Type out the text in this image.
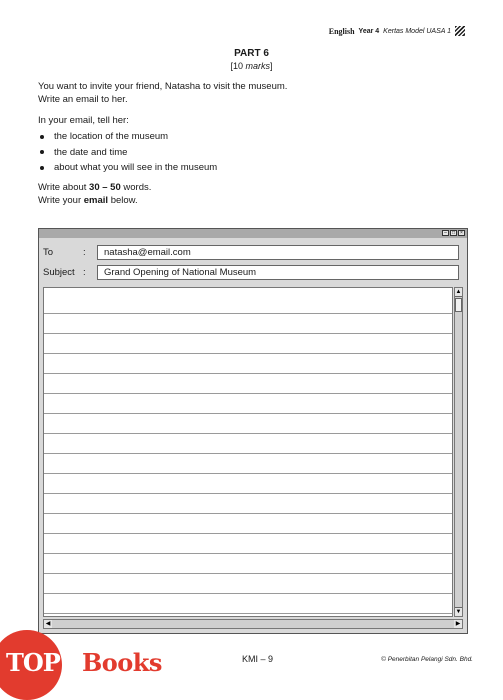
English Year 4 Kertas Model UASA 1
PART 6
[10 marks]
You want to invite your friend, Natasha to visit the museum.
Write an email to her.
In your email, tell her:
the location of the museum
the date and time
about what you will see in the museum
Write about 30 – 50 words.
Write your email below.
–	□	×
To	:	natasha@email.com
Subject :	Grand Opening of National Museum
▲
▼
◀	▶
TOP Books	KMI – 9	© Penerbitan Pelangi Sdn. Bhd.
